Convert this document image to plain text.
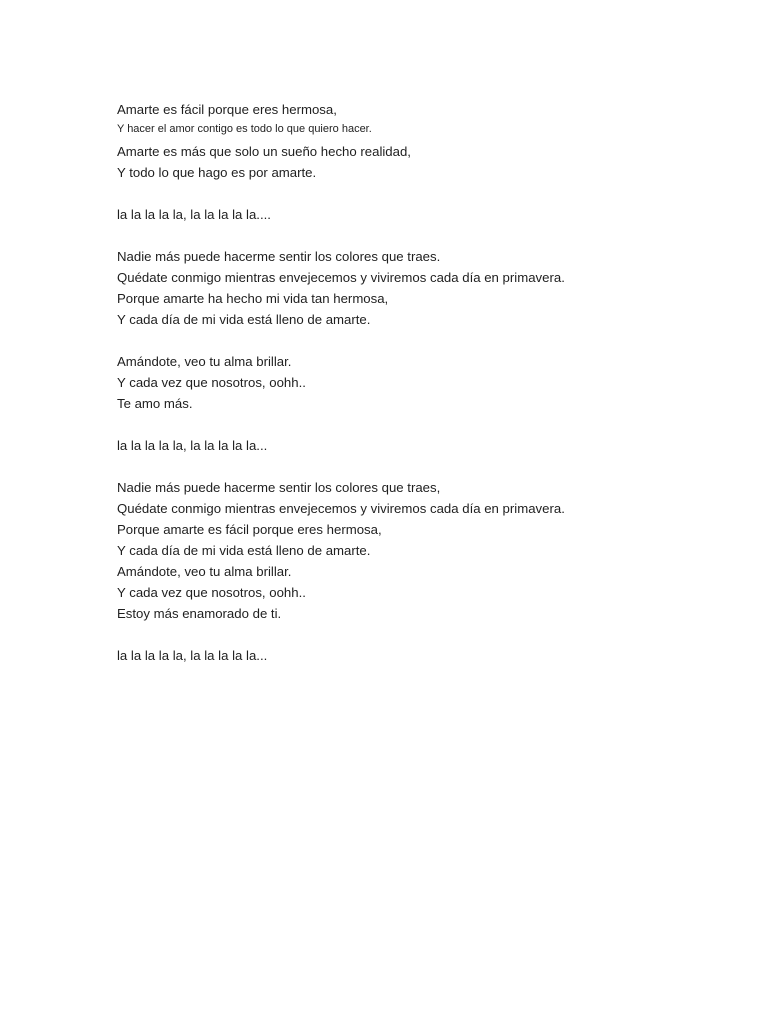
Amarte es fácil porque eres hermosa,
Y hacer el amor contigo es todo lo que quiero hacer.
Amarte es más que solo un sueño hecho realidad,
Y todo lo que hago es por amarte.
la la la la la, la la la la la....
Nadie más puede hacerme sentir los colores que traes.
Quédate conmigo mientras envejecemos y viviremos cada día en primavera.
Porque amarte ha hecho mi vida tan hermosa,
Y cada día de mi vida está lleno de amarte.
Amándote, veo tu alma brillar.
Y cada vez que nosotros, oohh..
Te amo más.
la la la la la, la la la la la...
Nadie más puede hacerme sentir los colores que traes,
Quédate conmigo mientras envejecemos y viviremos cada día en primavera.
Porque amarte es fácil porque eres hermosa,
Y cada día de mi vida está lleno de amarte.
Amándote, veo tu alma brillar.
Y cada vez que nosotros, oohh..
Estoy más enamorado de ti.
la la la la la, la la la la la...
